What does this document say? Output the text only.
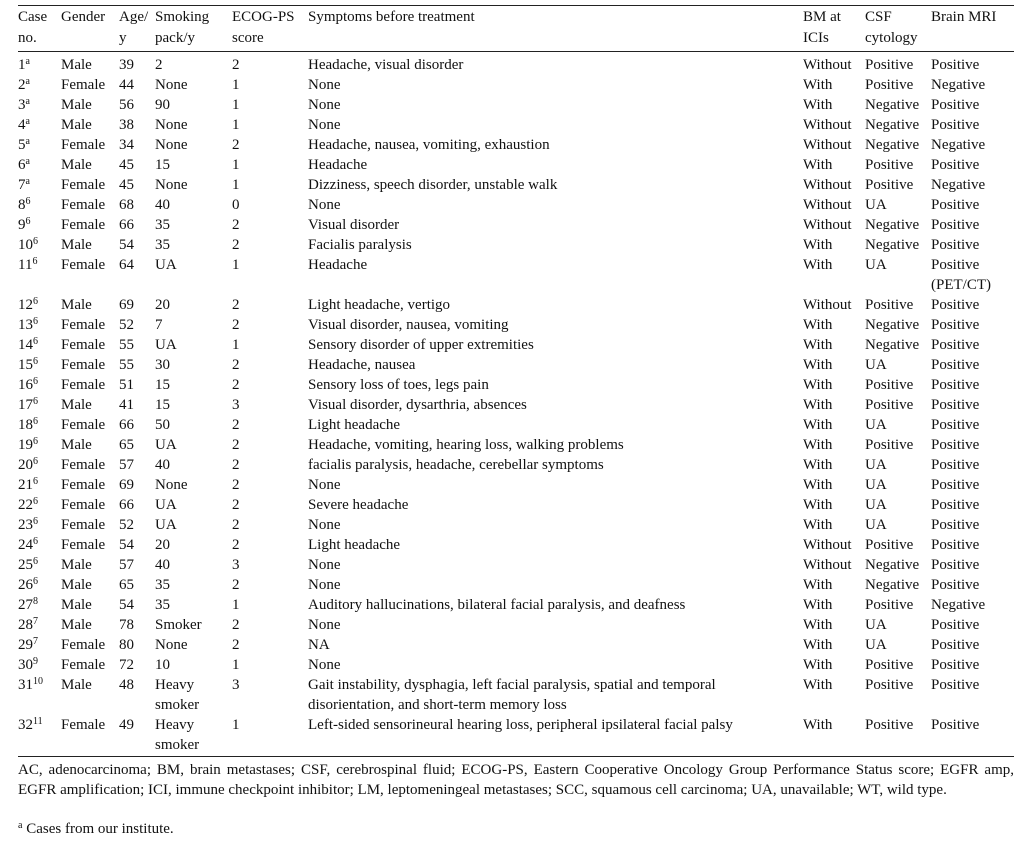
Case no.	Gender	Age/ y	Smoking pack/y	ECOG-PS score	Symptoms before treatment	BM at ICIs	CSF cytology	Brain MRI
1$^a$	Male	39	2	2	Headache, visual disorder	Without	Positive	Positive
2$^a$	Female	44	None	1	None	With	Positive	Negative
3$^a$	Male	56	90	1	None	With	Negative	Positive
4$^a$	Male	38	None	1	None	Without	Negative	Positive
5$^a$	Female	34	None	2	Headache, nausea, vomiting, exhaustion	Without	Negative	Negative
6$^a$	Male	45	15	1	Headache	With	Positive	Positive
7$^a$	Female	45	None	1	Dizziness, speech disorder, unstable walk	Without	Positive	Negative
$8^6$	Female	68	40	0	None	Without	UA	Positive
$9^6$	Female	66	35	2	Visual disorder	Without	Negative	Positive
$10^6$	Male	54	35	2	Facialis paralysis	With	Negative	Positive
$11^6$	Female	64	UA	1	Headache	With	UA	Positive (PET/CT)
$12^6$	Male	69	20	2	Light headache, vertigo	Without	Positive	Positive
$13^6$	Female	52	7	2	Visual disorder, nausea, vomiting	With	Negative	Positive
$14^6$	Female	55	UA	1	Sensory disorder of upper extremities	With	Negative	Positive
$15^6$	Female	55	30	2	Headache, nausea	With	UA	Positive
$16^6$	Female	51	15	2	Sensory loss of toes, legs pain	With	Positive	Positive
$17^6$	Male	41	15	3	Visual disorder, dysarthria, absences	With	Positive	Positive
$18^6$	Female	66	50	2	Light headache	With	UA	Positive
$19^6$	Male	65	UA	2	Headache, vomiting, hearing loss, walking problems	With	Positive	Positive
$20^6$	Female	57	40	2	facialis paralysis, headache, cerebellar symptoms	With	UA	Positive
$21^6$	Female	69	None	2	None	With	UA	Positive
$22^6$	Female	66	UA	2	Severe headache	With	UA	Positive
$23^6$	Female	52	UA	2	None	With	UA	Positive
$24^6$	Female	54	20	2	Light headache	Without	Positive	Positive
$25^6$	Male	57	40	3	None	Without	Negative	Positive
$26^6$	Male	65	35	2	None	With	Negative	Positive
$27^8$	Male	54	35	1	Auditory hallucinations, bilateral facial paralysis, and deafness	With	Positive	Negative
$28^7$	Male	78	Smoker	2	None	With	UA	Positive
$29^7$	Female	80	None	2	NA	With	UA	Positive
$30^9$	Female	72	10	1	None	With	Positive	Positive
$31^{10}$	Male	48	Heavy smoker	3	Gait instability, dysphagia, left facial paralysis, spatial and temporal disorientation, and short-term memory loss	With	Positive	Positive
$32^{11}$	Female	49	Heavy smoker	1	Left-sided sensorineural hearing loss, peripheral ipsilateral facial palsy	With	Positive	Positive
AC, adenocarcinoma; BM, brain metastases; CSF, cerebrospinal fluid; ECOG-PS, Eastern Cooperative Oncology Group Performance Status score; EGFR amp, EGFR amplification; ICI, immune checkpoint inhibitor; LM, leptomeningeal metastases; SCC, squamous cell carcinoma; UA, unavailable; WT, wild type.
$^a$ Cases from our institute.
